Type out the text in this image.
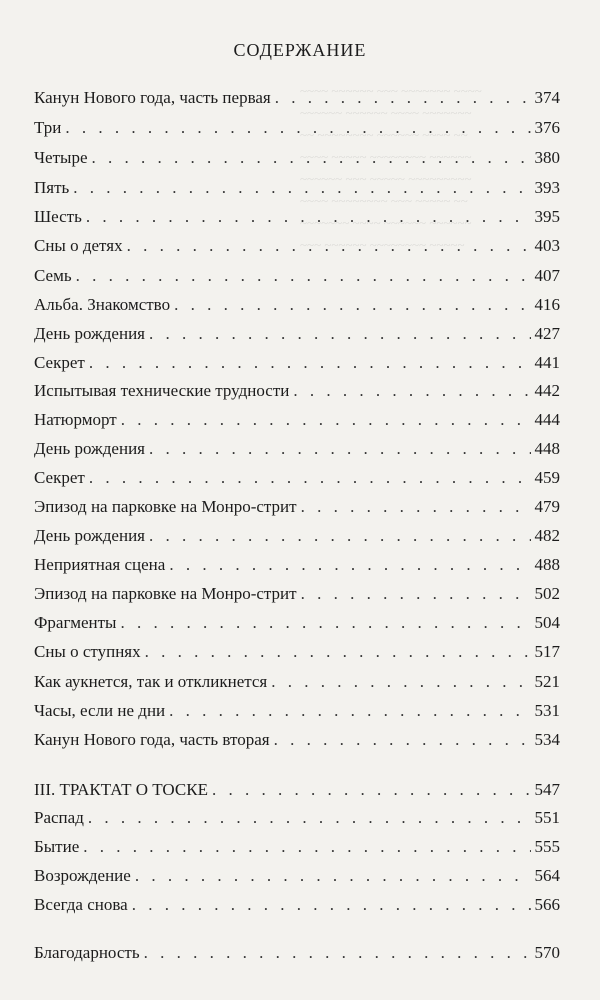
~~~~ ~~~~~~ ~~~ ~~~~~~~ ~~~~
~~~~~~ ~~~~~~ ~~~~ ~~~~~~~
~~ ~~~~~~~~ ~~~~~~ ~~~~ ~~
~~~~ ~~~~~ ~~~~~~~~ ~~~~~~
~~~~~~ ~~~ ~~~~~ ~~~~~~~~~
~~~~ ~~~~~~~~ ~~~ ~~~~~ ~~
~~~~~~~ ~~~~ ~~~~~~ ~~~~~~
~~~ ~~~~~~ ~~~~~~~~ ~~~~~
СОДЕРЖАНИЕ
Канун Нового года, часть первая . . .	374
Три . . .	376
Четыре . . .	380
Пять . . .	393
Шесть . . .	395
Сны о детях . . .	403
Семь . . .	407
Альба. Знакомство . . .	416
День рождения . . .	427
Секрет . . .	441
Испытывая технические трудности . . .	442
Натюрморт . . .	444
День рождения . . .	448
Секрет . . .	459
Эпизод на парковке на Монро-стрит . . .	479
День рождения . . .	482
Неприятная сцена . . .	488
Эпизод на парковке на Монро-стрит . . .	502
Фрагменты . . .	504
Сны о ступнях . . .	517
Как аукнется, так и откликнется . . .	521
Часы, если не дни . . .	531
Канун Нового года, часть вторая . . .	534
III. ТРАКТАТ О ТОСКЕ . . .	547
Распад . . .	551
Бытие . . .	555
Возрождение . . .	564
Всегда снова . . .	566
Благодарность . . .	570
